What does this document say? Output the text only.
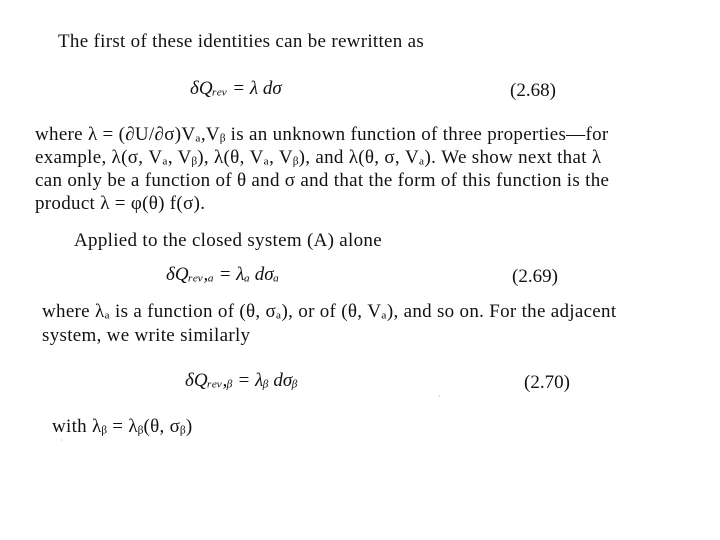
The first of these identities can be rewritten as
δQᵣₑᵥ = λ dσ	(2.68)
where λ = (∂U/∂σ)Vₐ,Vᵦ is an unknown function of three properties—for
example, λ(σ, Vₐ, Vᵦ), λ(θ, Vₐ, Vᵦ), and λ(θ, σ, Vₐ). We show next that λ
can only be a function of θ and σ and that the form of this function is the
product λ = φ(θ) f(σ).
Applied to the closed system (A) alone
δQᵣₑᵥ,ₐ = λₐ dσₐ	(2.69)
where λₐ is a function of (θ, σₐ), or of (θ, Vₐ), and so on. For the adjacent
system, we write similarly
δQᵣₑᵥ,ᵦ = λᵦ dσᵦ	(2.70)
·
with λᵦ = λᵦ(θ, σᵦ)
·
